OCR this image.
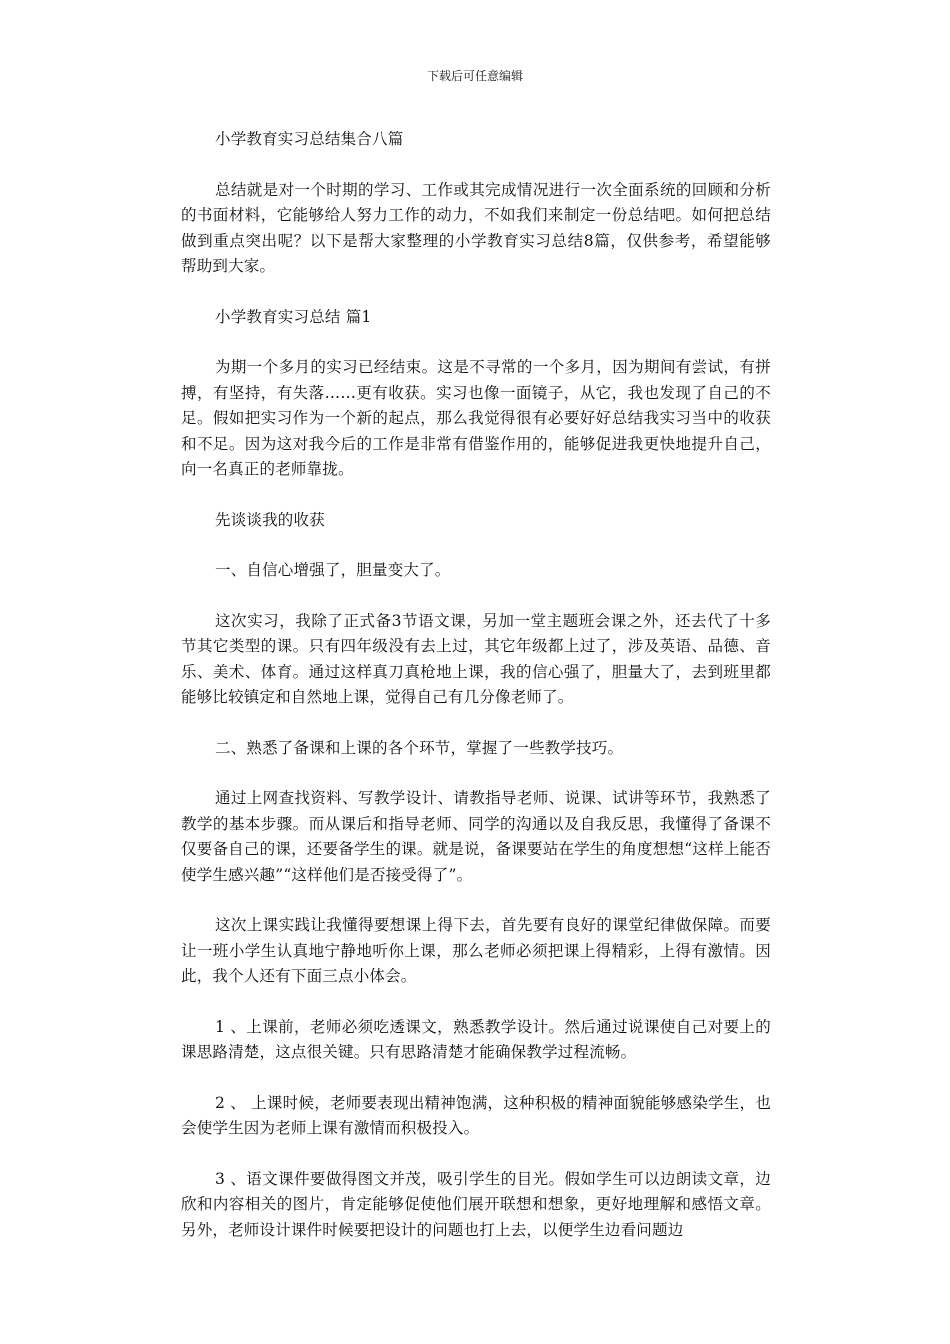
下载后可任意编辑

小学教育实习总结集合八篇

总结就是对一个时期的学习、工作或其完成情况进行一次全面系统的回顾和分析的书面材料，它能够给人努力工作的动力，不如我们来制定一份总结吧。如何把总结做到重点突出呢？以下是帮大家整理的小学教育实习总结8篇，仅供参考，希望能够帮助到大家。

小学教育实习总结 篇1

为期一个多月的实习已经结束。这是不寻常的一个多月，因为期间有尝试，有拼搏，有坚持，有失落……更有收获。实习也像一面镜子，从它，我也发现了自己的不足。假如把实习作为一个新的起点，那么我觉得很有必要好好总结我实习当中的收获和不足。因为这对我今后的工作是非常有借鉴作用的，能够促进我更快地提升自己，向一名真正的老师靠拢。

先谈谈我的收获

一、自信心增强了，胆量变大了。

这次实习，我除了正式备3节语文课，另加一堂主题班会课之外，还去代了十多节其它类型的课。只有四年级没有去上过，其它年级都上过了，涉及英语、品德、音乐、美术、体育。通过这样真刀真枪地上课，我的信心强了，胆量大了，去到班里都能够比较镇定和自然地上课，觉得自己有几分像老师了。

二、熟悉了备课和上课的各个环节，掌握了一些教学技巧。

通过上网查找资料、写教学设计、请教指导老师、说课、试讲等环节，我熟悉了教学的基本步骤。而从课后和指导老师、同学的沟通以及自我反思，我懂得了备课不仅要备自己的课，还要备学生的课。就是说，备课要站在学生的角度想想“这样上能否使学生感兴趣”“这样他们是否接受得了”。

这次上课实践让我懂得要想课上得下去，首先要有良好的课堂纪律做保障。而要让一班小学生认真地宁静地听你上课，那么老师必须把课上得精彩，上得有激情。因此，我个人还有下面三点小体会。

1 、上课前，老师必须吃透课文，熟悉教学设计。然后通过说课使自己对要上的课思路清楚，这点很关键。只有思路清楚才能确保教学过程流畅。

2 、 上课时候，老师要表现出精神饱满，这种积极的精神面貌能够感染学生，也会使学生因为老师上课有激情而积极投入。

3 、语文课件要做得图文并茂，吸引学生的目光。假如学生可以边朗读文章，边欣和内容相关的图片，肯定能够促使他们展开联想和想象，更好地理解和感悟文章。另外，老师设计课件时候要把设计的问题也打上去，以便学生边看问题边
